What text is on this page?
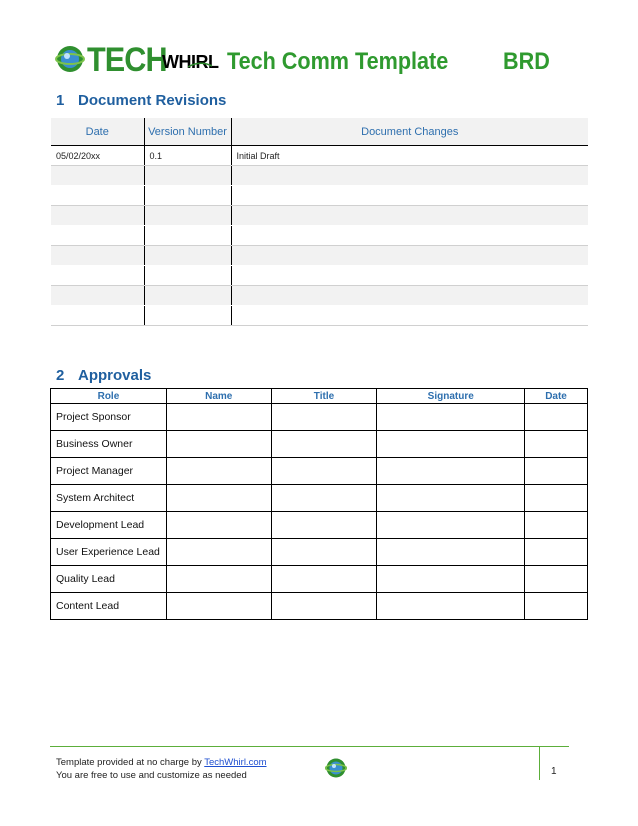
TECH
WHIRL Tech Comm Template BRD
1 Document Revisions
Date	Version Number	Document Changes
05/02/20xx	0.1	Initial Draft

2 Approvals
Role	Name	Title	Signature	Date
Project Sponsor				
Business Owner				
Project Manager				
System Architect				
Development Lead				
User Experience Lead				
Quality Lead				
Content Lead				
Template provided at no charge by TechWhirl.com
You are free to use and customize as needed	1
